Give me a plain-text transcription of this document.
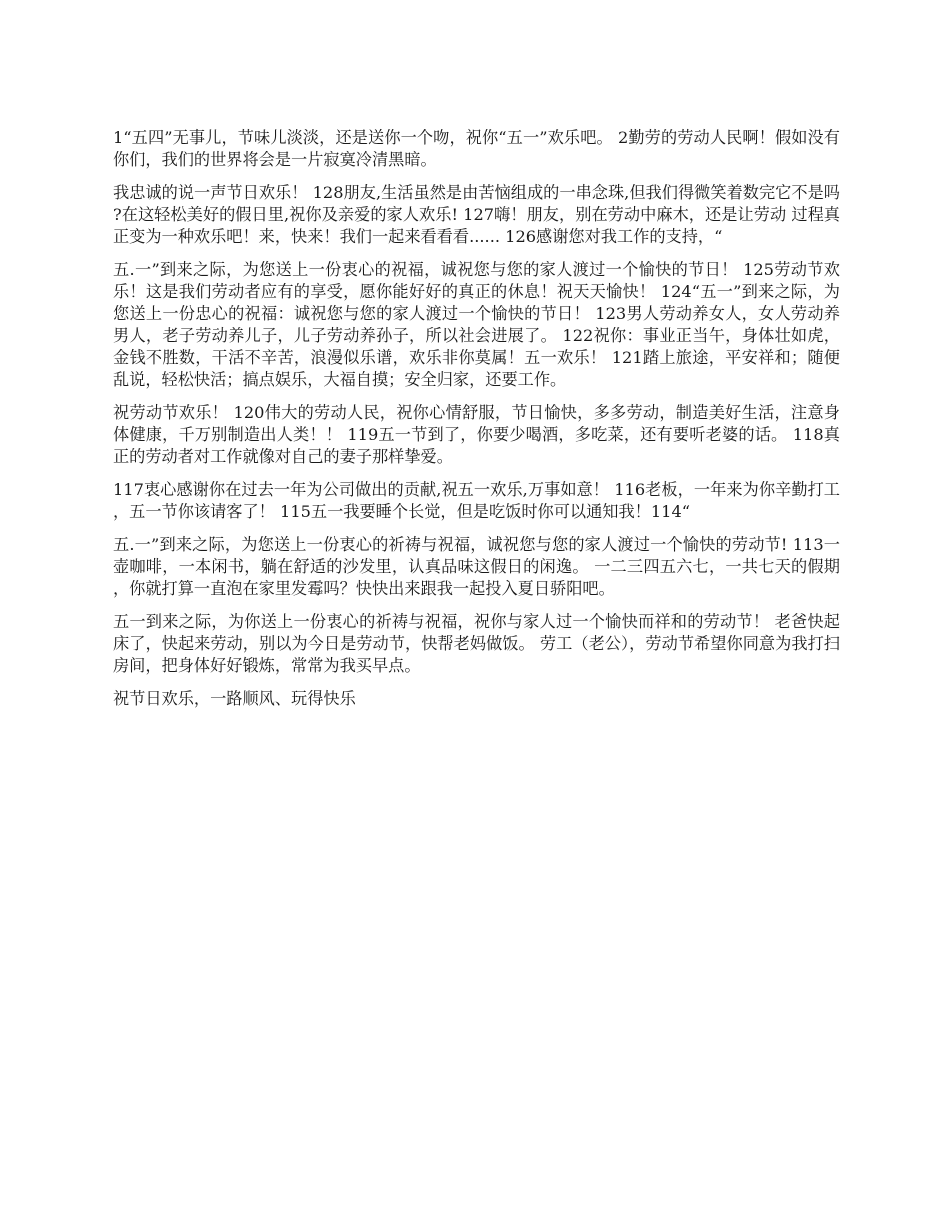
1“五四”无事儿，节味儿淡淡，还是送你一个吻，祝你“五一”欢乐吧。 2勤劳的劳动人民啊！假如没有你们，我们的世界将会是一片寂寞冷清黑暗。

我忠诚的说一声节日欢乐！ 128朋友,生活虽然是由苦恼组成的一串念珠,但我们得微笑着数完它不是吗?在这轻松美好的假日里,祝你及亲爱的家人欢乐! 127嗨！朋友，别在劳动中麻木，还是让劳动 过程真正变为一种欢乐吧！来，快来！我们一起来看看看...... 126感谢您对我工作的支持，“

五.一”到来之际，为您送上一份衷心的祝福，诚祝您与您的家人渡过一个愉快的节日！ 125劳动节欢乐！这是我们劳动者应有的享受，愿你能好好的真正的休息！祝天天愉快！ 124“五一”到来之际，为您送上一份忠心的祝福：诚祝您与您的家人渡过一个愉快的节日！ 123男人劳动养女人，女人劳动养男人，老子劳动养儿子，儿子劳动养孙子，所以社会进展了。 122祝你：事业正当午，身体壮如虎，金钱不胜数，干活不辛苦，浪漫似乐谱，欢乐非你莫属！五一欢乐！ 121踏上旅途，平安祥和；随便乱说，轻松快活；搞点娱乐，大福自摸；安全归家，还要工作。

祝劳动节欢乐！ 120伟大的劳动人民，祝你心情舒服，节日愉快，多多劳动，制造美好生活，注意身体健康，千万别制造出人类！！ 119五一节到了，你要少喝酒，多吃菜，还有要听老婆的话。 118真正的劳动者对工作就像对自己的妻子那样挚爱。

117衷心感谢你在过去一年为公司做出的贡献,祝五一欢乐,万事如意！ 116老板，一年来为你辛勤打工，五一节你该请客了！ 115五一我要睡个长觉，但是吃饭时你可以通知我！114“

五.一”到来之际，为您送上一份衷心的祈祷与祝福，诚祝您与您的家人渡过一个愉快的劳动节! 113一壶咖啡，一本闲书，躺在舒适的沙发里，认真品味这假日的闲逸。 一二三四五六七，一共七天的假期，你就打算一直泡在家里发霉吗？快快出来跟我一起投入夏日骄阳吧。

五一到来之际，为你送上一份衷心的祈祷与祝福，祝你与家人过一个愉快而祥和的劳动节！ 老爸快起床了，快起来劳动，别以为今日是劳动节，快帮老妈做饭。 劳工（老公），劳动节希望你同意为我打扫房间，把身体好好锻炼，常常为我买早点。

祝节日欢乐，一路顺风、玩得快乐
